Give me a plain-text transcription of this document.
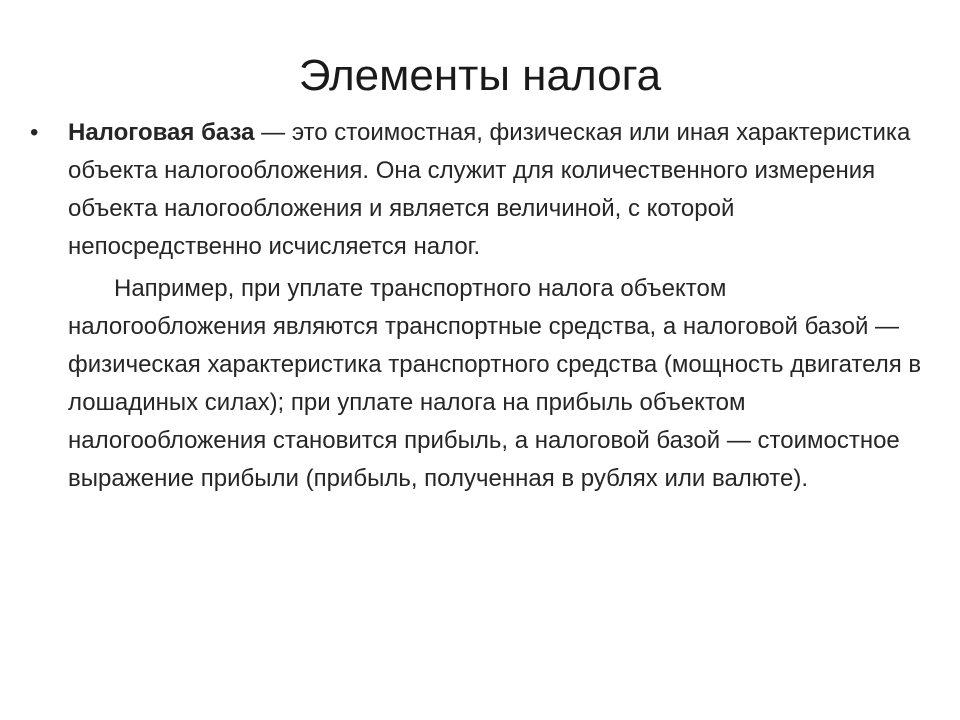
Элементы налога

• Налоговая база — это стоимостная, физическая или иная характеристика объекта налогообложения. Она служит для количественного измерения объекта налогообложения и является величиной, с которой непосредственно исчисляется налог.

Например, при уплате транспортного налога объектом налогообложения являются транспортные средства, а налоговой базой — физическая характеристика транспортного средства (мощность двигателя в лошадиных силах); при уплате налога на прибыль объектом налогообложения становится прибыль, а налоговой базой — стоимостное выражение прибыли (прибыль, полученная в рублях или валюте).
